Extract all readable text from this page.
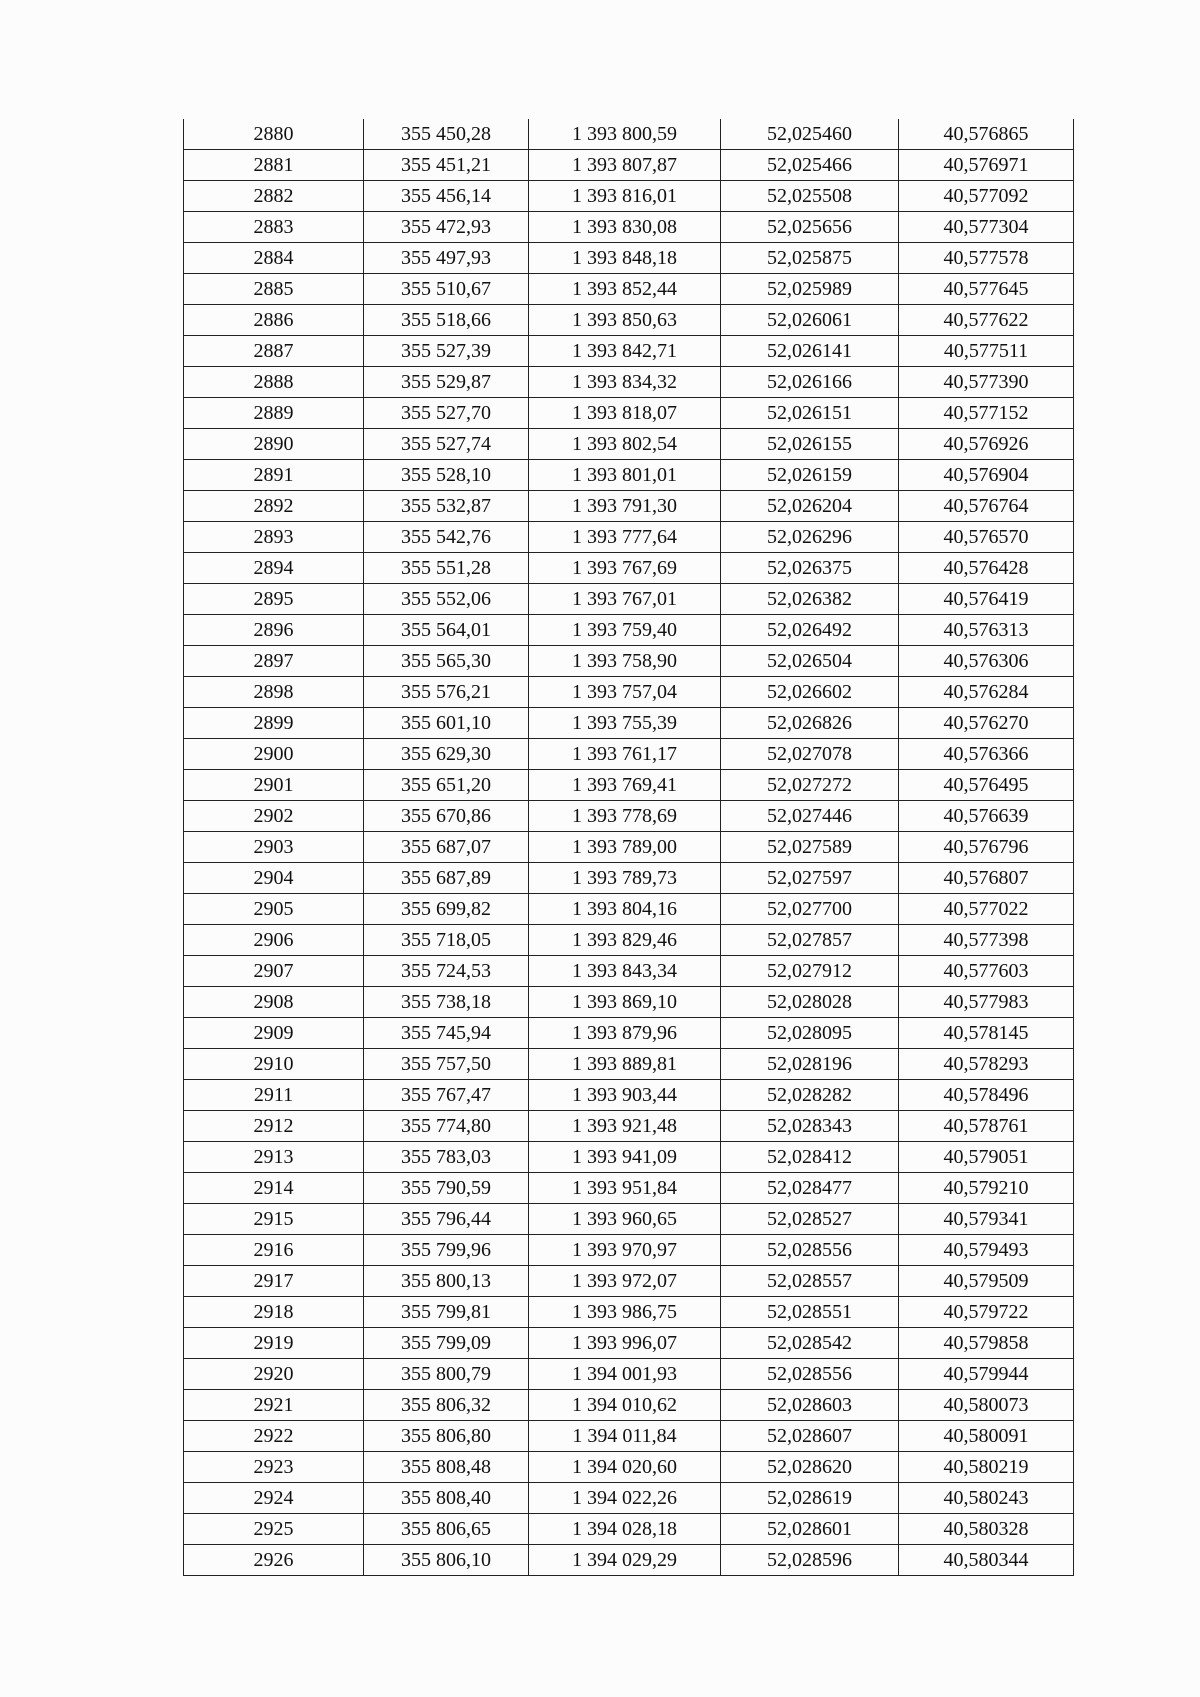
2880	355 450,28	1 393 800,59	52,025460	40,576865
2881	355 451,21	1 393 807,87	52,025466	40,576971
2882	355 456,14	1 393 816,01	52,025508	40,577092
2883	355 472,93	1 393 830,08	52,025656	40,577304
2884	355 497,93	1 393 848,18	52,025875	40,577578
2885	355 510,67	1 393 852,44	52,025989	40,577645
2886	355 518,66	1 393 850,63	52,026061	40,577622
2887	355 527,39	1 393 842,71	52,026141	40,577511
2888	355 529,87	1 393 834,32	52,026166	40,577390
2889	355 527,70	1 393 818,07	52,026151	40,577152
2890	355 527,74	1 393 802,54	52,026155	40,576926
2891	355 528,10	1 393 801,01	52,026159	40,576904
2892	355 532,87	1 393 791,30	52,026204	40,576764
2893	355 542,76	1 393 777,64	52,026296	40,576570
2894	355 551,28	1 393 767,69	52,026375	40,576428
2895	355 552,06	1 393 767,01	52,026382	40,576419
2896	355 564,01	1 393 759,40	52,026492	40,576313
2897	355 565,30	1 393 758,90	52,026504	40,576306
2898	355 576,21	1 393 757,04	52,026602	40,576284
2899	355 601,10	1 393 755,39	52,026826	40,576270
2900	355 629,30	1 393 761,17	52,027078	40,576366
2901	355 651,20	1 393 769,41	52,027272	40,576495
2902	355 670,86	1 393 778,69	52,027446	40,576639
2903	355 687,07	1 393 789,00	52,027589	40,576796
2904	355 687,89	1 393 789,73	52,027597	40,576807
2905	355 699,82	1 393 804,16	52,027700	40,577022
2906	355 718,05	1 393 829,46	52,027857	40,577398
2907	355 724,53	1 393 843,34	52,027912	40,577603
2908	355 738,18	1 393 869,10	52,028028	40,577983
2909	355 745,94	1 393 879,96	52,028095	40,578145
2910	355 757,50	1 393 889,81	52,028196	40,578293
2911	355 767,47	1 393 903,44	52,028282	40,578496
2912	355 774,80	1 393 921,48	52,028343	40,578761
2913	355 783,03	1 393 941,09	52,028412	40,579051
2914	355 790,59	1 393 951,84	52,028477	40,579210
2915	355 796,44	1 393 960,65	52,028527	40,579341
2916	355 799,96	1 393 970,97	52,028556	40,579493
2917	355 800,13	1 393 972,07	52,028557	40,579509
2918	355 799,81	1 393 986,75	52,028551	40,579722
2919	355 799,09	1 393 996,07	52,028542	40,579858
2920	355 800,79	1 394 001,93	52,028556	40,579944
2921	355 806,32	1 394 010,62	52,028603	40,580073
2922	355 806,80	1 394 011,84	52,028607	40,580091
2923	355 808,48	1 394 020,60	52,028620	40,580219
2924	355 808,40	1 394 022,26	52,028619	40,580243
2925	355 806,65	1 394 028,18	52,028601	40,580328
2926	355 806,10	1 394 029,29	52,028596	40,580344
